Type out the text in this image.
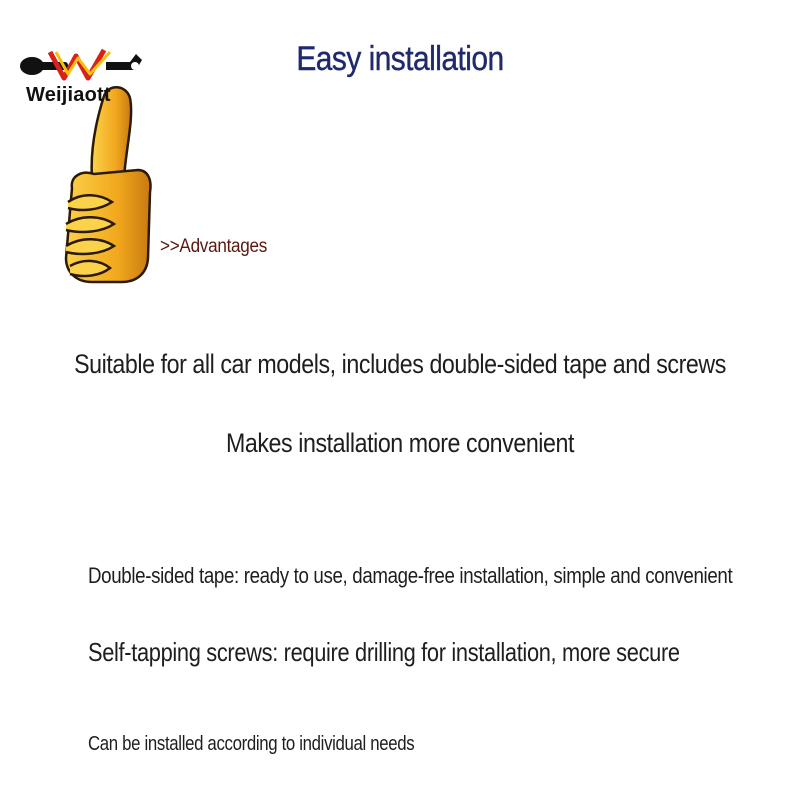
Weijiaott
Easy installation
>>Advantages
Suitable for all car models, includes double-sided tape and screws
Makes installation more convenient
Double-sided tape: ready to use, damage-free installation, simple and convenient
Self-tapping screws: require drilling for installation, more secure
Can be installed according to individual needs
